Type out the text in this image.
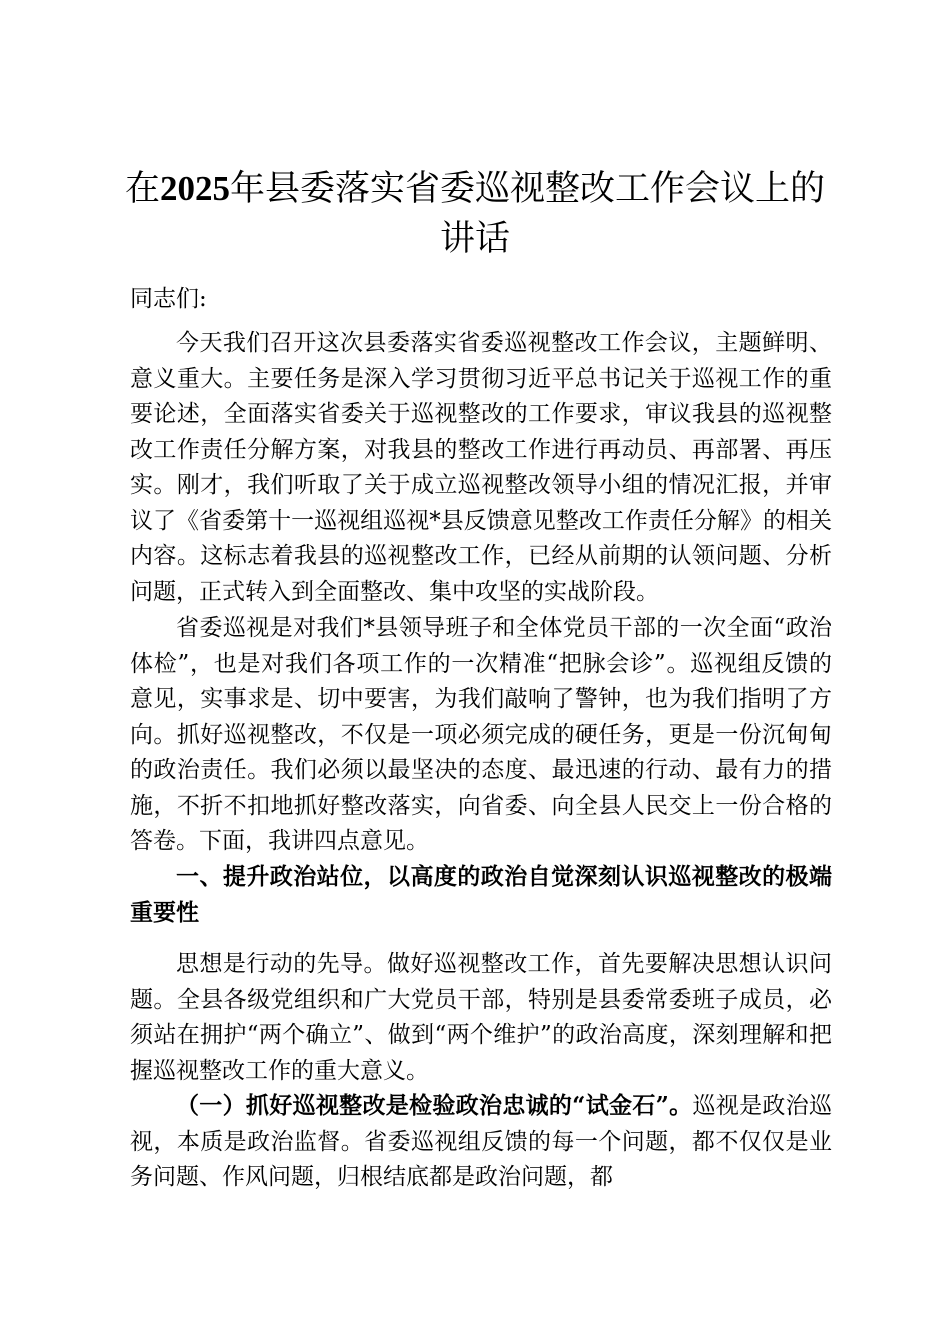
在2025年县委落实省委巡视整改工作会议上的讲话

同志们:

今天我们召开这次县委落实省委巡视整改工作会议，主题鲜明、意义重大。主要任务是深入学习贯彻习近平总书记关于巡视工作的重要论述，全面落实省委关于巡视整改的工作要求，审议我县的巡视整改工作责任分解方案，对我县的整改工作进行再动员、再部署、再压实。刚才，我们听取了关于成立巡视整改领导小组的情况汇报，并审议了《省委第十一巡视组巡视*县反馈意见整改工作责任分解》的相关内容。这标志着我县的巡视整改工作，已经从前期的认领问题、分析问题，正式转入到全面整改、集中攻坚的实战阶段。

省委巡视是对我们*县领导班子和全体党员干部的一次全面“政治体检”，也是对我们各项工作的一次精准“把脉会诊”。巡视组反馈的意见，实事求是、切中要害，为我们敲响了警钟，也为我们指明了方向。抓好巡视整改，不仅是一项必须完成的硬任务，更是一份沉甸甸的政治责任。我们必须以最坚决的态度、最迅速的行动、最有力的措施，不折不扣地抓好整改落实，向省委、向全县人民交上一份合格的答卷。下面，我讲四点意见。

一、提升政治站位，以高度的政治自觉深刻认识巡视整改的极端重要性

思想是行动的先导。做好巡视整改工作，首先要解决思想认识问题。全县各级党组织和广大党员干部，特别是县委常委班子成员，必须站在拥护“两个确立”、做到“两个维护”的政治高度，深刻理解和把握巡视整改工作的重大意义。

（一）抓好巡视整改是检验政治忠诚的“试金石”。巡视是政治巡视，本质是政治监督。省委巡视组反馈的每一个问题，都不仅仅是业务问题、作风问题，归根结底都是政治问题，都
